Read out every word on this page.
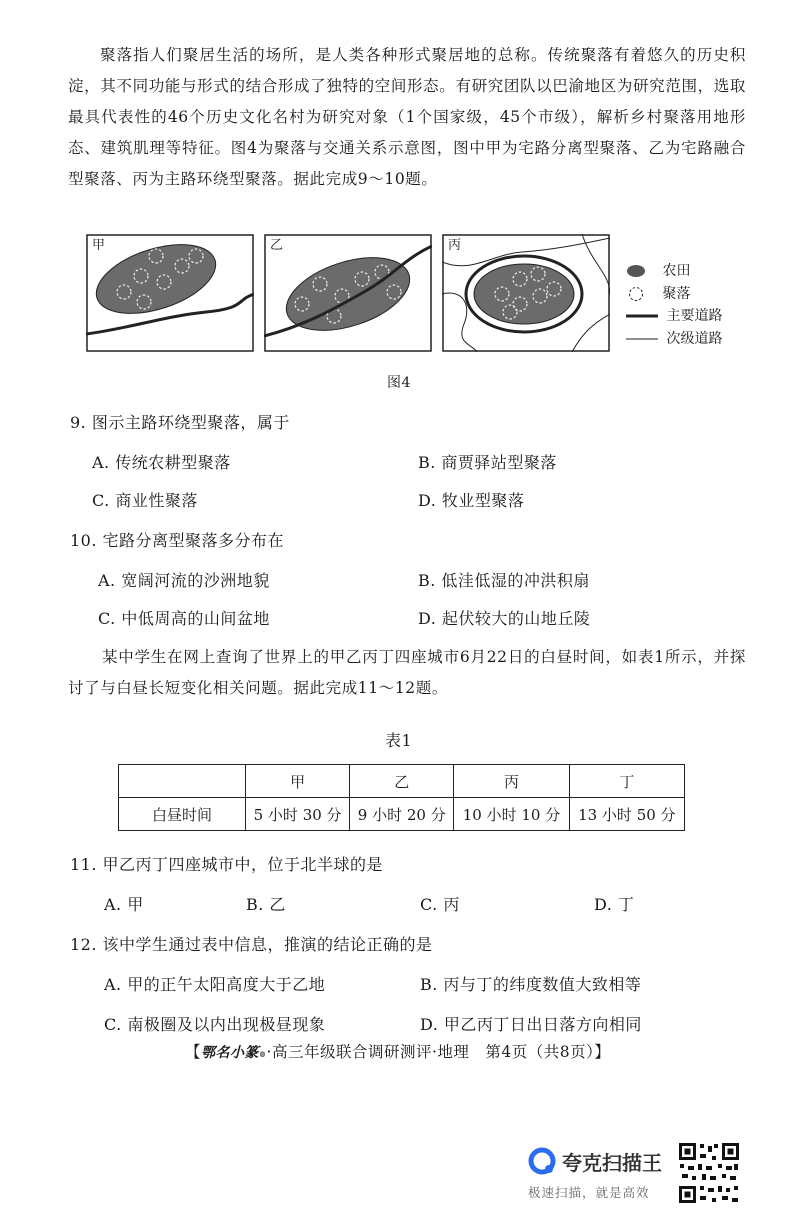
聚落指人们聚居生活的场所，是人类各种形式聚居地的总称。传统聚落有着悠久的历史积淀，其不同功能与形式的结合形成了独特的空间形态。有研究团队以巴渝地区为研究范围，选取最具代表性的46个历史文化名村为研究对象（1个国家级，45个市级），解析乡村聚落用地形态、建筑肌理等特征。图4为聚落与交通关系示意图，图中甲为宅路分离型聚落、乙为宅路融合型聚落、丙为主路环绕型聚落。据此完成9～10题。
甲	乙	丙
农田
聚落
主要道路
次级道路
图4
9. 图示主路环绕型聚落，属于
A. 传统农耕型聚落	B. 商贾驿站型聚落
C. 商业性聚落	D. 牧业型聚落
10. 宅路分离型聚落多分布在
A. 宽阔河流的沙洲地貌	B. 低洼低湿的冲洪积扇
C. 中低周高的山间盆地	D. 起伏较大的山地丘陵
某中学生在网上查询了世界上的甲乙丙丁四座城市6月22日的白昼时间，如表1所示，并探讨了与白昼长短变化相关问题。据此完成11～12题。
表1
	甲	乙	丙	丁
白昼时间	5 小时 30 分	9 小时 20 分	10 小时 10 分	13 小时 50 分
11. 甲乙丙丁四座城市中，位于北半球的是
A. 甲	B. 乙	C. 丙	D. 丁
12. 该中学生通过表中信息，推演的结论正确的是
A. 甲的正午太阳高度大于乙地	B. 丙与丁的纬度数值大致相等
C. 南极圈及以内出现极昼现象	D. 甲乙丙丁日出日落方向相同
【鄂名小篆®·高三年级联合调研测评·地理　第4页（共8页）】
夸克扫描王
极速扫描，就是高效
